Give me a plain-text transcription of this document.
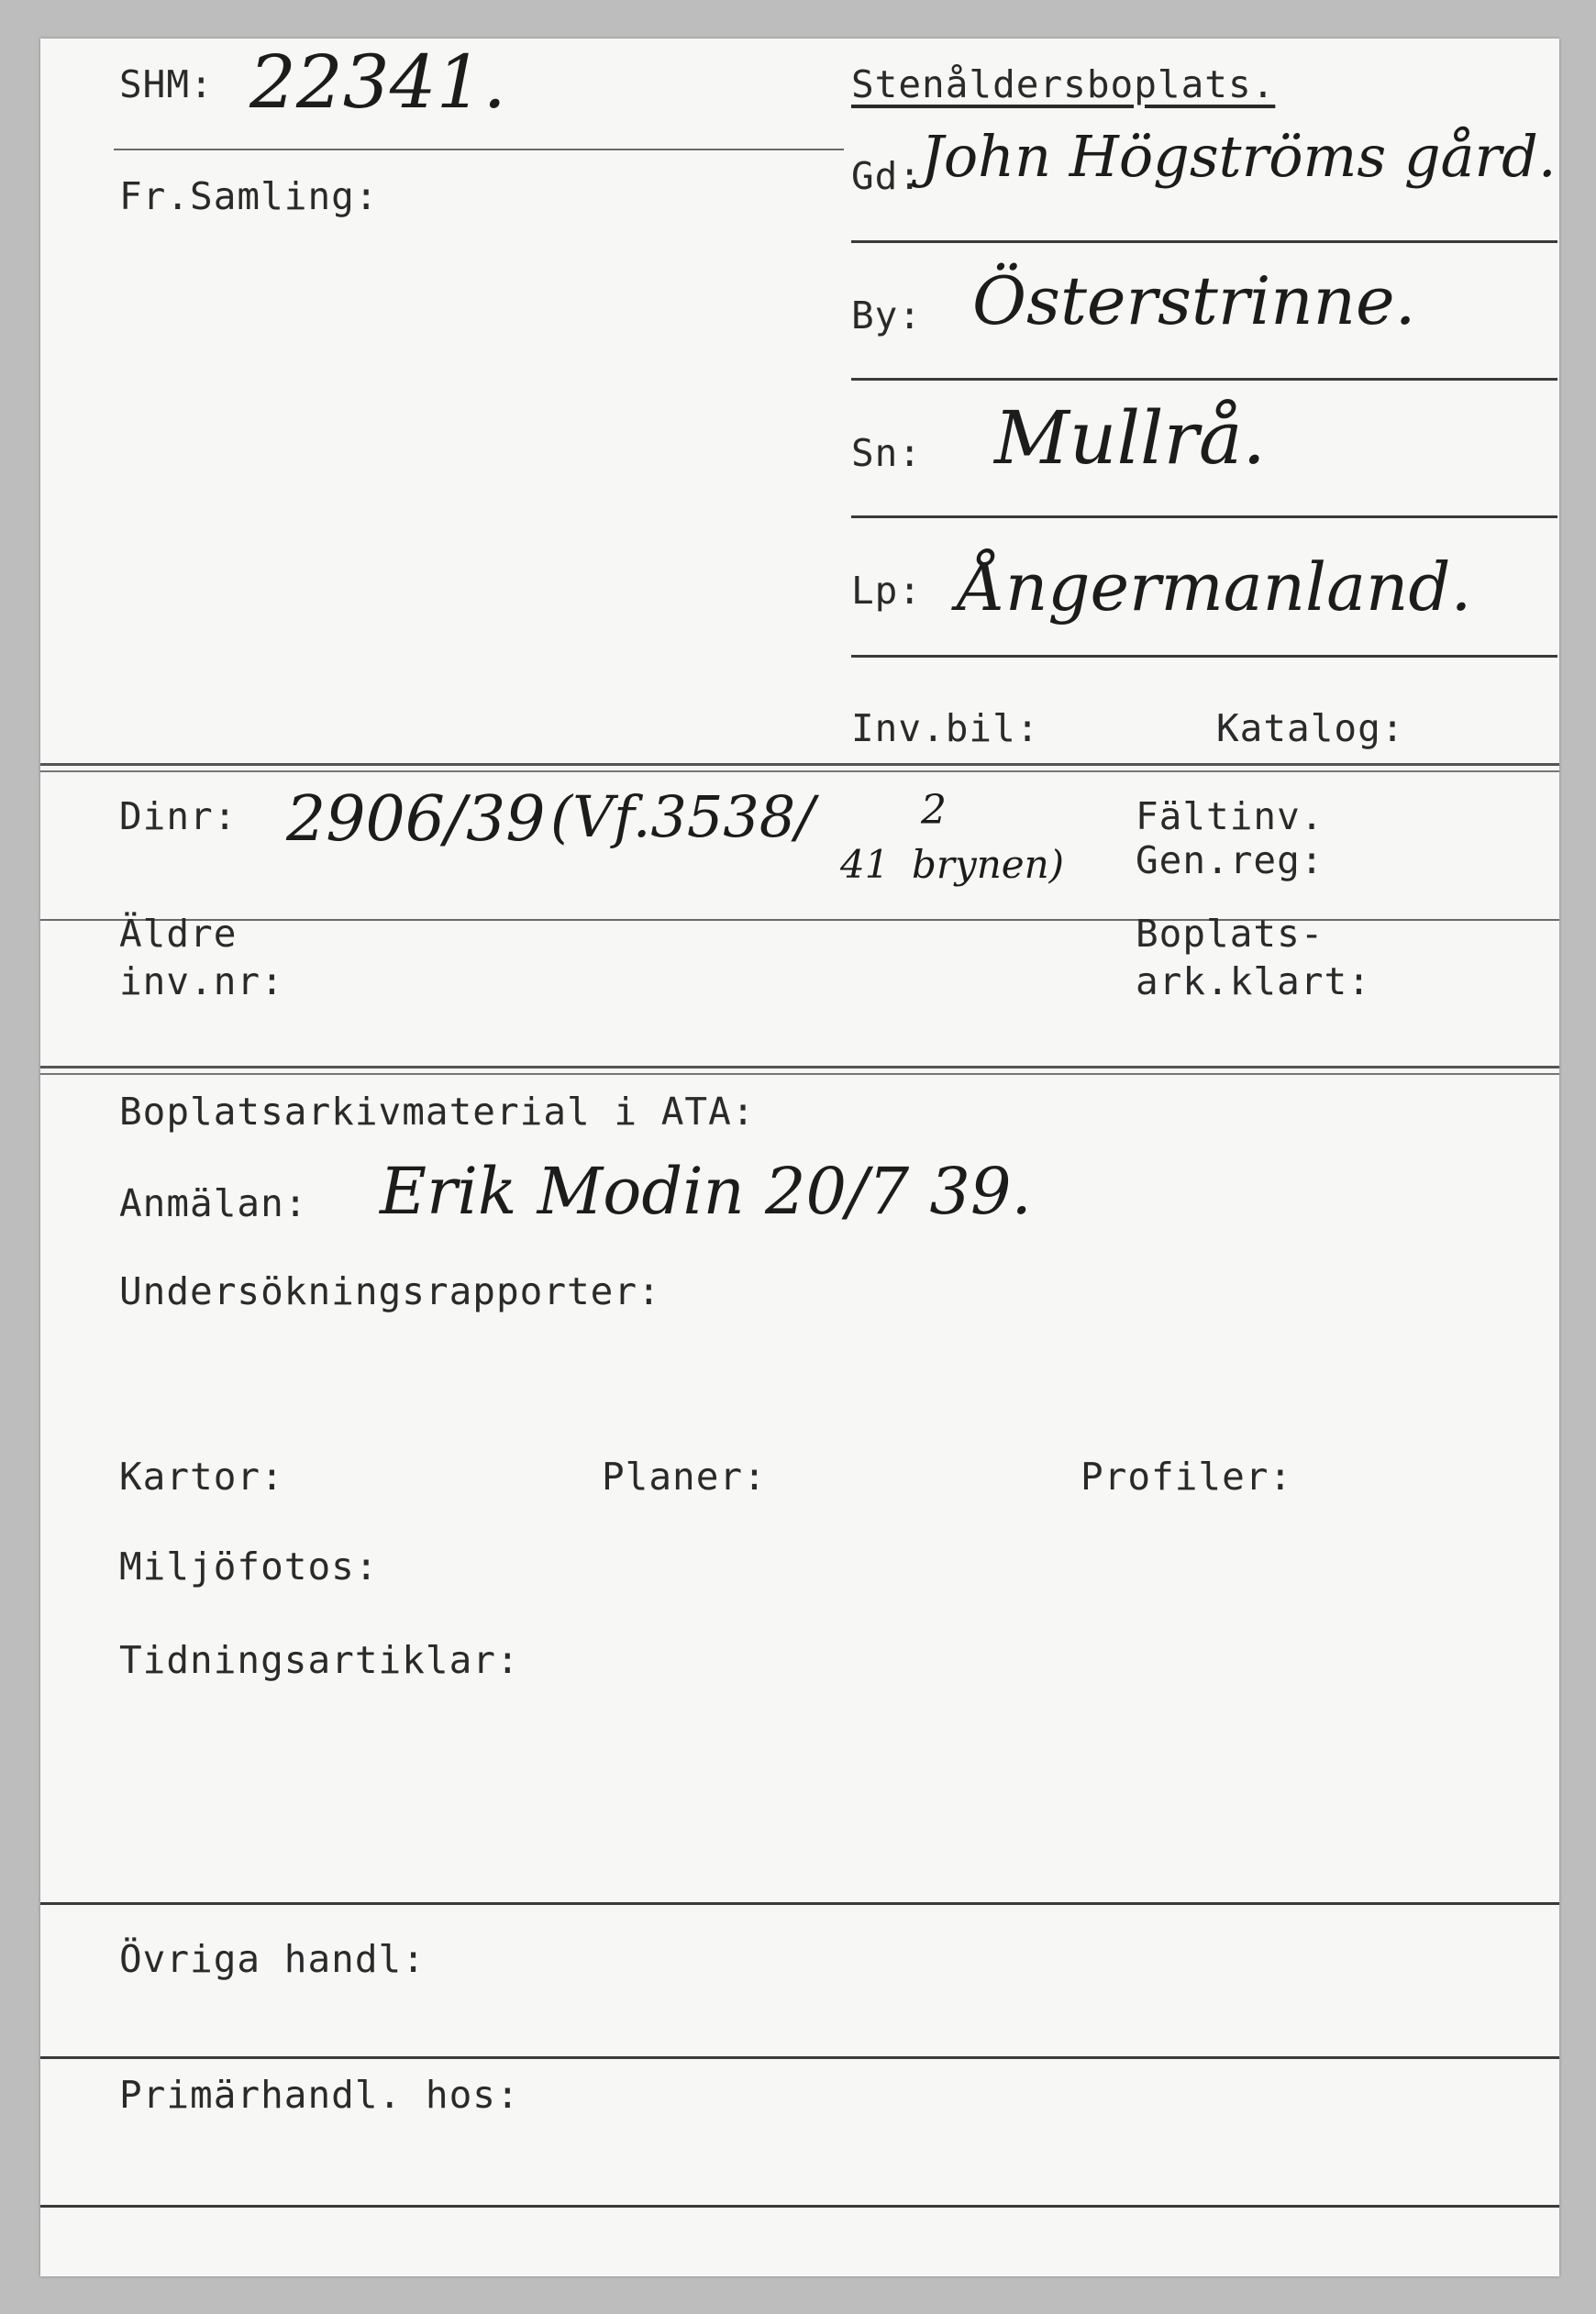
SHM: 22341.	Stenåldersboplats.
Fr.Samling:	Gd:
John Högströms gård.
By: Österstrinne.
Sn: Mullrå.
Lp: Ångermanland.
Inv.bil:	Katalog:
Dinr: 2906/39 (Vf.3538/
41
2
brynen)
Fältinv.
Gen.reg:
Äldre
inv.nr:
Boplats-
ark.klart:
Boplatsarkivmaterial i ATA:
Anmälan: Erik Modin 20/7 39.
Undersökningsrapporter:
Kartor:	Planer:	Profiler:
Miljöfotos:
Tidningsartiklar:
Övriga handl:
Primärhandl. hos:
